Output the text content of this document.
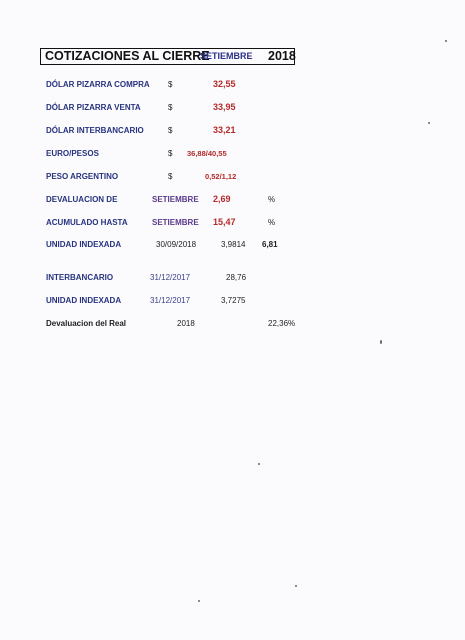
COTIZACIONES AL CIERRE
SETIEMBRE 2018
DÓLAR PIZARRA COMPRA $	32,55
DÓLAR PIZARRA VENTA	$	33,95
DÓLAR INTERBANCARIO	$	33,21
EURO/PESOS	$ 36,88/40,55
PESO ARGENTINO	$	0,52/1,12
DEVALUACION DE	SETIEMBRE 2,69	%
ACUMULADO HASTA	SETIEMBRE 15,47	%
UNIDAD INDEXADA	30/09/2018	3,9814 6,81
INTERBANCARIO	31/12/2017	28,76
UNIDAD INDEXADA	31/12/2017	3,7275
Devaluacion del Real	2018	22,36%
